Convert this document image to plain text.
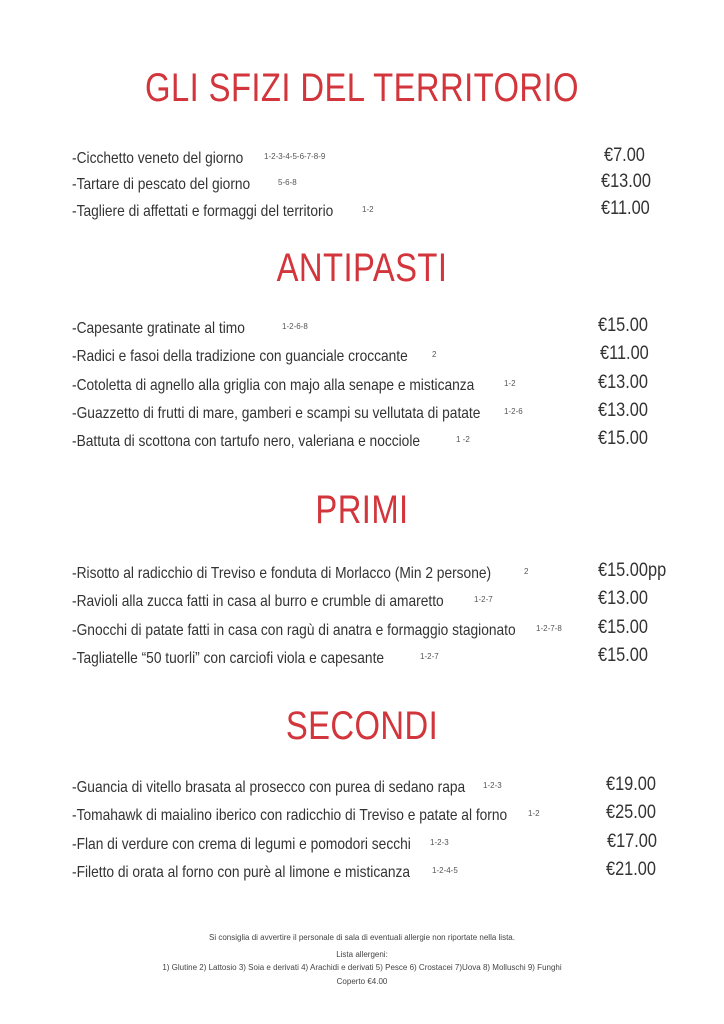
GLI SFIZI DEL TERRITORIO
ANTIPASTI
PRIMI
SECONDI
-Cicchetto veneto del giorno	1-2-3-4-5-6-7-8-9	€7.00
-Tartare di pescato del giorno	5-6-8	€13.00
-Tagliere di affettati e formaggi del territorio	1-2	€11.00
-Capesante gratinate al timo	1-2-6-8	€15.00
-Radici e fasoi della tradizione con guanciale croccante	2	€11.00
-Cotoletta di agnello alla griglia con majo alla senape e misticanza	1-2	€13.00
-Guazzetto di frutti di mare, gamberi e scampi su vellutata di patate	1-2-6	€13.00
-Battuta di scottona con tartufo nero, valeriana e nocciole	1 -2	€15.00
-Risotto al radicchio di Treviso e fonduta di Morlacco (Min 2 persone)	2	€15.00pp
-Ravioli alla zucca fatti in casa al burro e crumble di amaretto	1-2-7	€13.00
-Gnocchi di patate fatti in casa con ragù di anatra e formaggio stagionato	1-2-7-8 €15.00
-Tagliatelle “50 tuorli” con carciofi viola e capesante	1-2-7	€15.00
-Guancia di vitello brasata al prosecco con purea di sedano rapa 1-2-3	€19.00
-Tomahawk di maialino iberico con radicchio di Treviso e patate al forno	1-2	€25.00
-Flan di verdure con crema di legumi e pomodori secchi 1-2-3	€17.00
-Filetto di orata al forno con purè al limone e misticanza	1-2-4-5	€21.00
Si consiglia di avvertire il personale di sala di eventuali allergie non riportate nella lista.
Lista allergeni:
1) Glutine 2) Lattosio 3) Soia e derivati 4) Arachidi e derivati 5) Pesce 6) Crostacei 7)Uova 8) Molluschi 9) Funghi
Coperto €4.00
